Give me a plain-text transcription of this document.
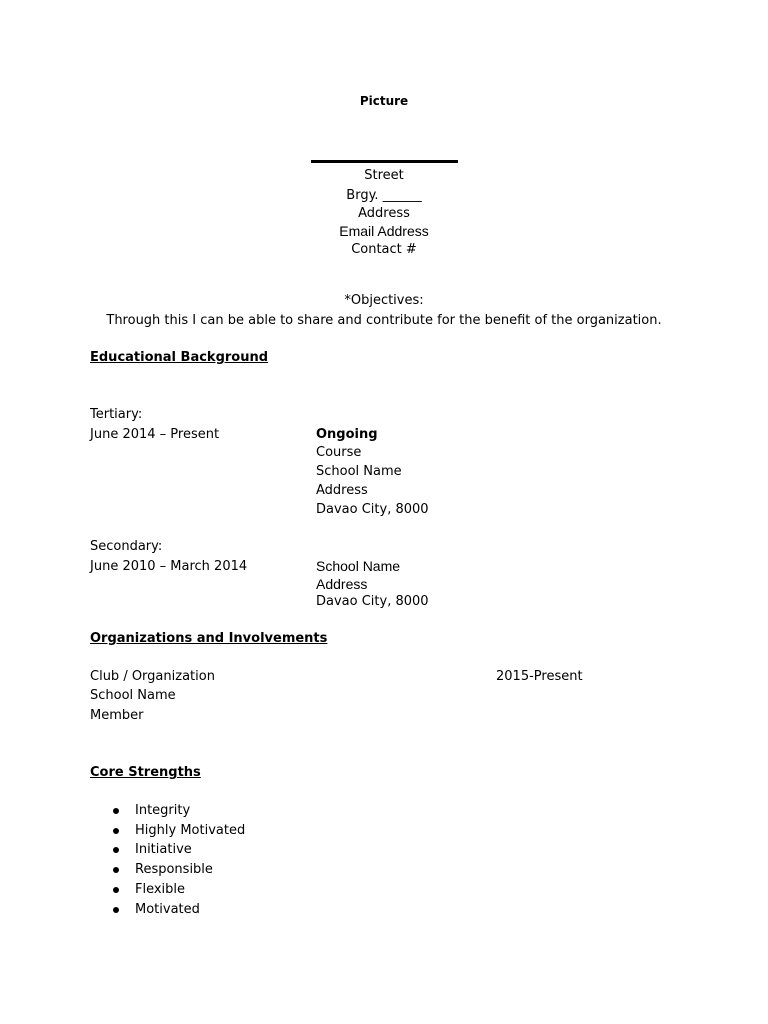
Picture
Street
Brgy. ______
Address
Email Address
Contact #
*Objectives:
Through this I can be able to share and contribute for the benefit of the organization.
Educational Background
Tertiary:
June 2014 – Present	Ongoing
Course
School Name
Address
Davao City, 8000
Secondary:
June 2010 – March 2014	School Name
Address
Davao City, 8000
Organizations and Involvements
Club / Organization	2015-Present
School Name
Member
Core Strengths
Integrity
Highly Motivated
Initiative
Responsible
Flexible
Motivated
